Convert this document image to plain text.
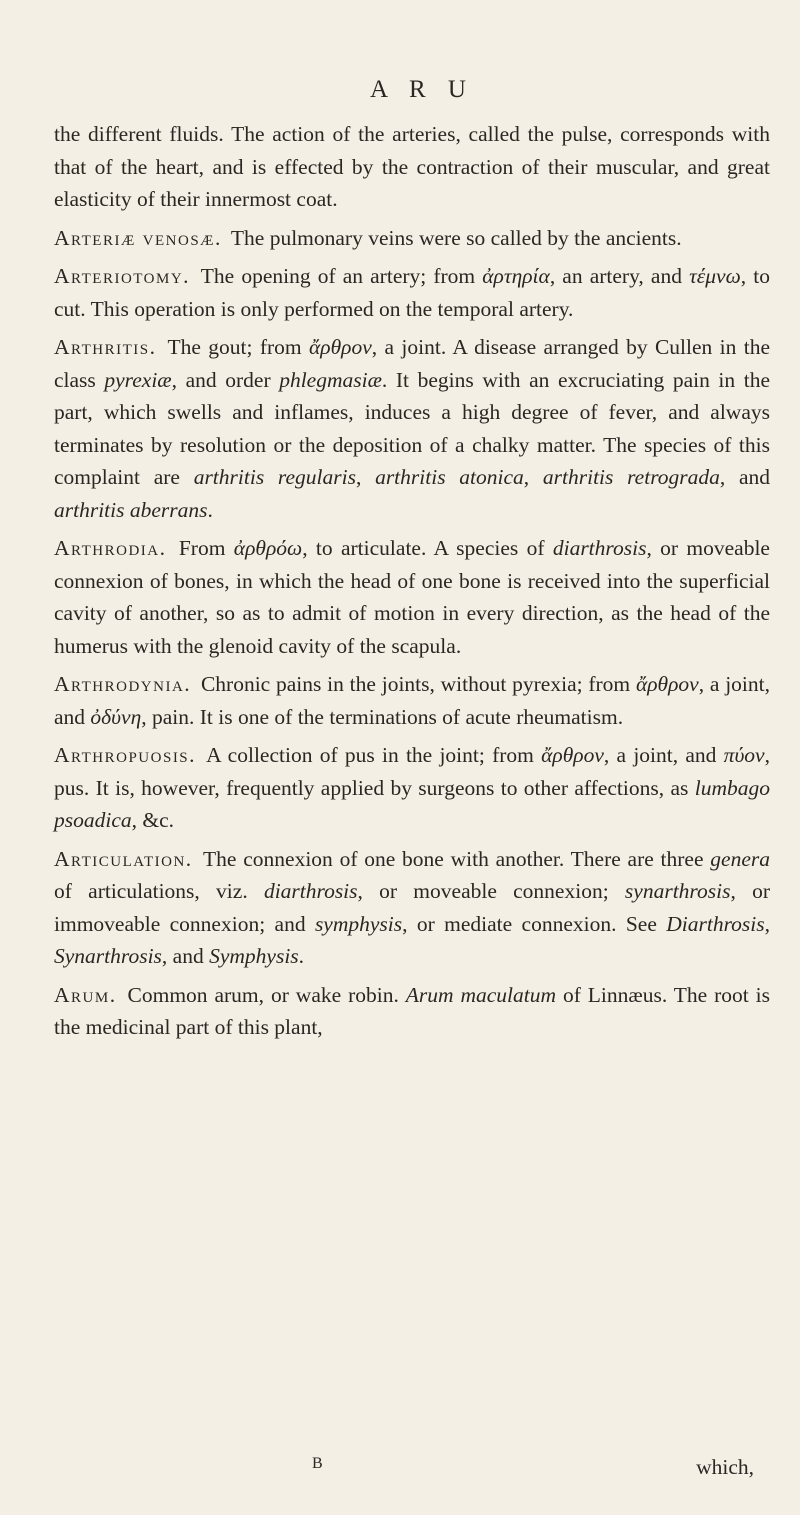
A R U

the different fluids. The action of the arteries, called the pulse, corresponds with that of the heart, and is effected by the contraction of their muscular, and great elasticity of their innermost coat.

Arteriæ venosæ. The pulmonary veins were so called by the ancients.

Arteriotomy. The opening of an artery; from ἀρτηρία, an artery, and τέμνω, to cut. This operation is only performed on the temporal artery.

Arthritis. The gout; from ἄρθρον, a joint. A disease arranged by Cullen in the class pyrexiæ, and order phlegmasiæ. It begins with an excruciating pain in the part, which swells and inflames, induces a high degree of fever, and always terminates by resolution or the deposition of a chalky matter. The species of this complaint are arthritis regularis, arthritis atonica, arthritis retrograda, and arthritis aberrans.

Arthrodia. From ἀρθρόω, to articulate. A species of diarthrosis, or moveable connexion of bones, in which the head of one bone is received into the superficial cavity of another, so as to admit of motion in every direction, as the head of the humerus with the glenoid cavity of the scapula.

Arthrodynia. Chronic pains in the joints, without pyrexia; from ἄρθρον, a joint, and ὀδύνη, pain. It is one of the terminations of acute rheumatism.

Arthropuosis. A collection of pus in the joint; from ἄρθρον, a joint, and πύον, pus. It is, however, frequently applied by surgeons to other affections, as lumbago psoadica, &c.

Articulation. The connexion of one bone with another. There are three genera of articulations, viz. diarthrosis, or moveable connexion; synarthrosis, or immoveable connexion; and symphysis, or mediate connexion. See Diarthrosis, Synarthrosis, and Symphysis.

Arum. Common arum, or wake robin. Arum maculatum of Linnæus. The root is the medicinal part of this plant,

B	which,
